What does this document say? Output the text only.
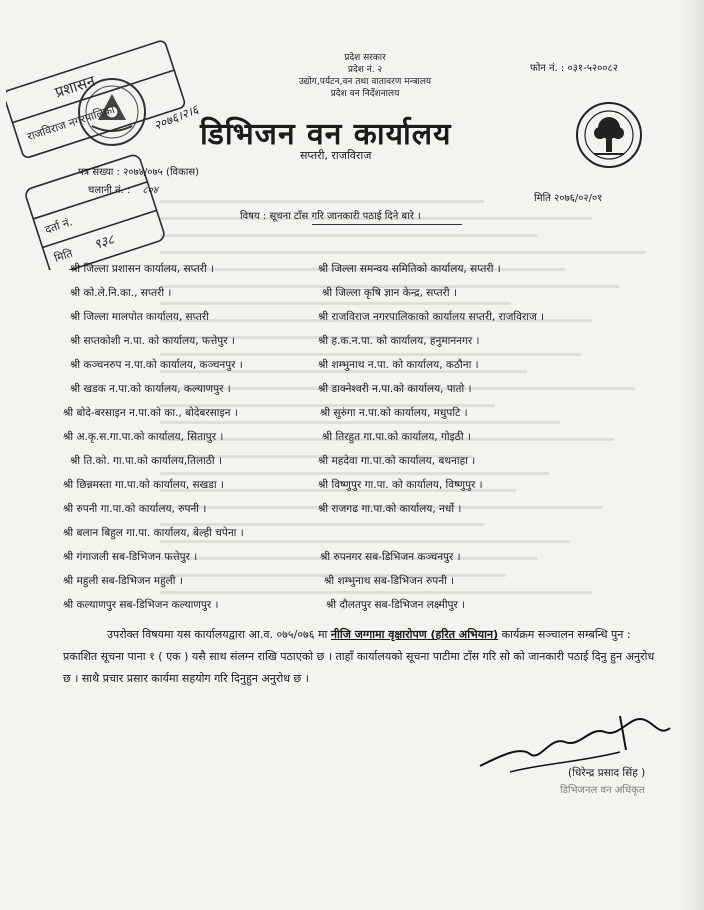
प्रदेश सरकार
प्रदेश नं. २
उद्योग,पर्यटन,वन तथा वातावरण मन्त्रालय
प्रदेश वन निर्देशनालय
फोन नं. : ०३१-५२००८२
डिभिजन वन कार्यालय
सप्तरी, राजविराज
प्रशासन
राजविराज नगरपालिका
दर्ता नं.
मिति
९३८
२०७६।२।६
पत्र संख्या : २०७४/०७५ (विकास)
चलानी नं. : ८०४
मिति २०७६/०२/०१
विषय : सूचना टाँस गरि जानकारी पठाई दिने बारे ।
श्री जिल्ला प्रशासन कार्यालय, सप्तरी ।
श्री को.ले.नि.का., सप्तरी ।
श्री जिल्ला मालपोत कार्यालय, सप्तरी
श्री सप्तकोशी न.पा. को कार्यालय, फत्तेपुर ।
श्री कञ्चनरुप न.पा.को कार्यालय, कञ्चनपुर ।
श्री खडक न.पा.को कार्यालय, कल्याणपुर ।
श्री बोदे-बरसाइन न.पा.को का., बोदेबरसाइन ।
श्री अ.कृ.स.गा.पा.को कार्यालय, सितापुर ।
श्री ति.को. गा.पा.को कार्यालय,तिलाठी ।
श्री छिन्नमस्ता गा.पा.को कार्यालय, सखडा ।
श्री रुपनी गा.पा.को कार्यालय, रुपनी ।
श्री बलान बिहुल गा.पा. कार्यालय, बेल्ही चपेना ।
श्री गंगाजली सब-डिभिजन फत्तेपुर ।
श्री महुली सब-डिभिजन महुली ।
श्री कल्याणपुर सब-डिभिजन कल्याणपुर ।
श्री जिल्ला समन्वय समितिको कार्यालय, सप्तरी ।
श्री जिल्ला कृषि ज्ञान केन्द्र, सप्तरी ।
श्री राजविराज नगरपालिकाको कार्यालय सप्तरी, राजविराज ।
श्री ह.क.न.पा. को कार्यालय, हनुमाननगर ।
श्री शम्भुनाथ न.पा. को कार्यालय, कठौना ।
श्री डाक्नेश्वरी न.पा.को कार्यालय, पातो ।
श्री सुरुंगा न.पा.को कार्यालय, मधुपटि ।
श्री तिरहुत गा.पा.को कार्यालय, गोइठी ।
श्री महदेवा गा.पा.को कार्यालय, बथनाहा ।
श्री विष्णुपुर गा.पा. को कार्यालय, विष्णुपुर ।
श्री राजगढ गा.पा.को कार्यालय, नर्धो ।
श्री रुपनगर सब-डिभिजन कञ्चनपुर ।
श्री शम्भुनाथ सब-डिभिजन रुपनी ।
श्री दौलतपुर सब-डिभिजन लक्ष्मीपुर ।
उपरोक्त विषयमा यस कार्यालयद्वारा आ.व. ०७५/०७६ मा नीजि जग्गामा वृक्षारोपण (हरित अभियान) कार्यक्रम सञ्चालन सम्बन्धि पुन : प्रकाशित सूचना पाना १ ( एक ) यसै साथ संलग्न राखि पठाएको छ । ताहाँ कार्यालयको सूचना पाटीमा टाँस गरि सो को जानकारी पठाई दिनु हुन अनुरोध छ । साथै प्रचार प्रसार कार्यमा सहयोग गरि दिनुहुन अनुरोध छ ।
(धिरेन्द्र प्रसाद सिंह )
डिभिजनल वन अधिकृत
